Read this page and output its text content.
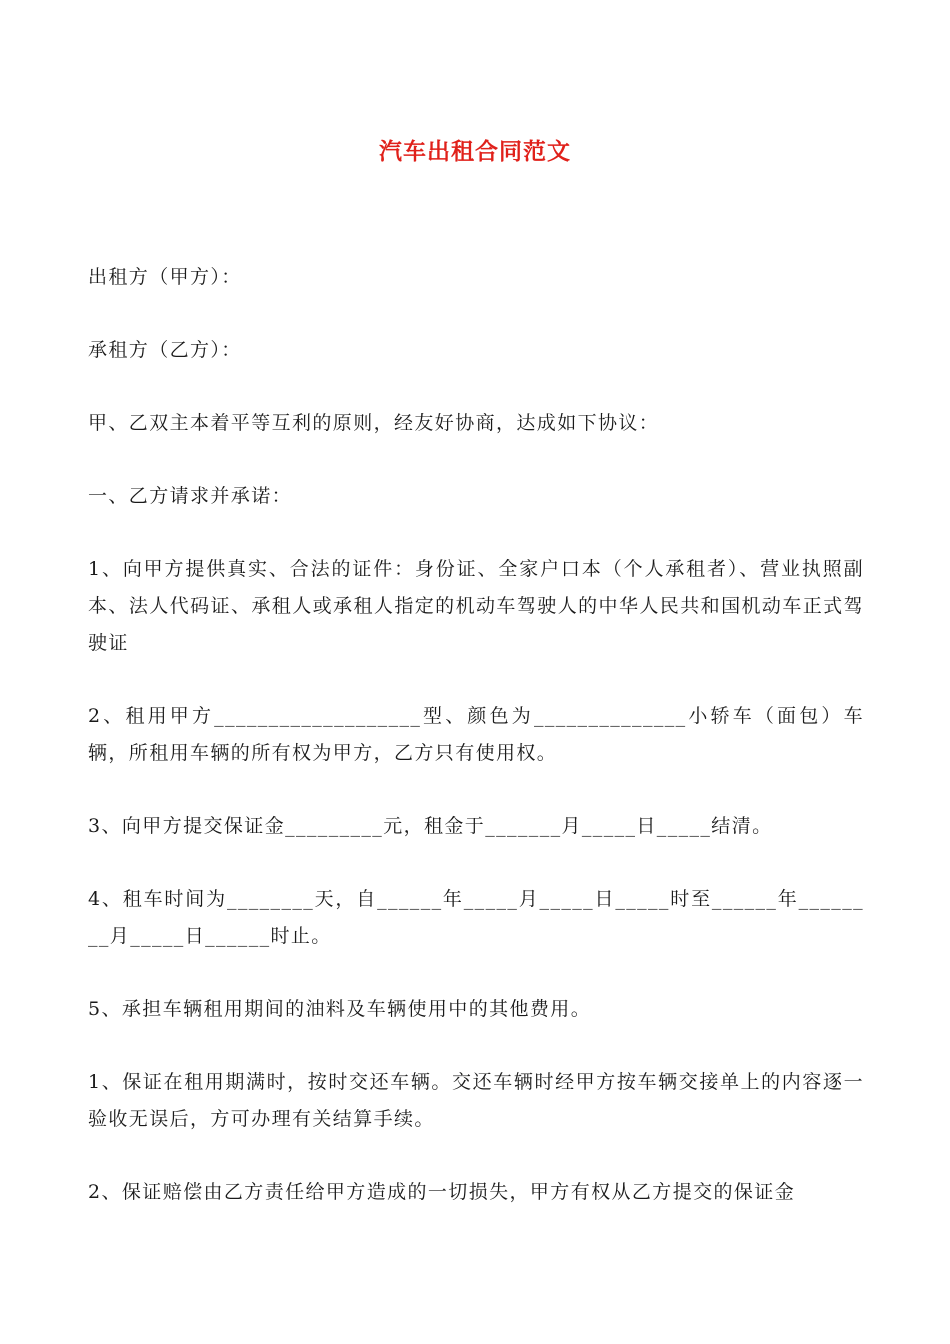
汽车出租合同范文

出租方（甲方）：

承租方（乙方）：

甲、乙双主本着平等互利的原则，经友好协商，达成如下协议：

一、乙方请求并承诺：

1、向甲方提供真实、合法的证件：身份证、全家户口本（个人承租者）、营业执照副本、法人代码证、承租人或承租人指定的机动车驾驶人的中华人民共和国机动车正式驾驶证

2、租用甲方___________________型、颜色为______________小轿车（面包）车辆，所租用车辆的所有权为甲方，乙方只有使用权。

3、向甲方提交保证金_________元，租金于_______月_____日_____结清。

4、租车时间为________天，自______年_____月_____日_____时至______年________月_____日______时止。

5、承担车辆租用期间的油料及车辆使用中的其他费用。

1、保证在租用期满时，按时交还车辆。交还车辆时经甲方按车辆交接单上的内容逐一验收无误后，方可办理有关结算手续。

2、保证赔偿由乙方责任给甲方造成的一切损失，甲方有权从乙方提交的保证金
